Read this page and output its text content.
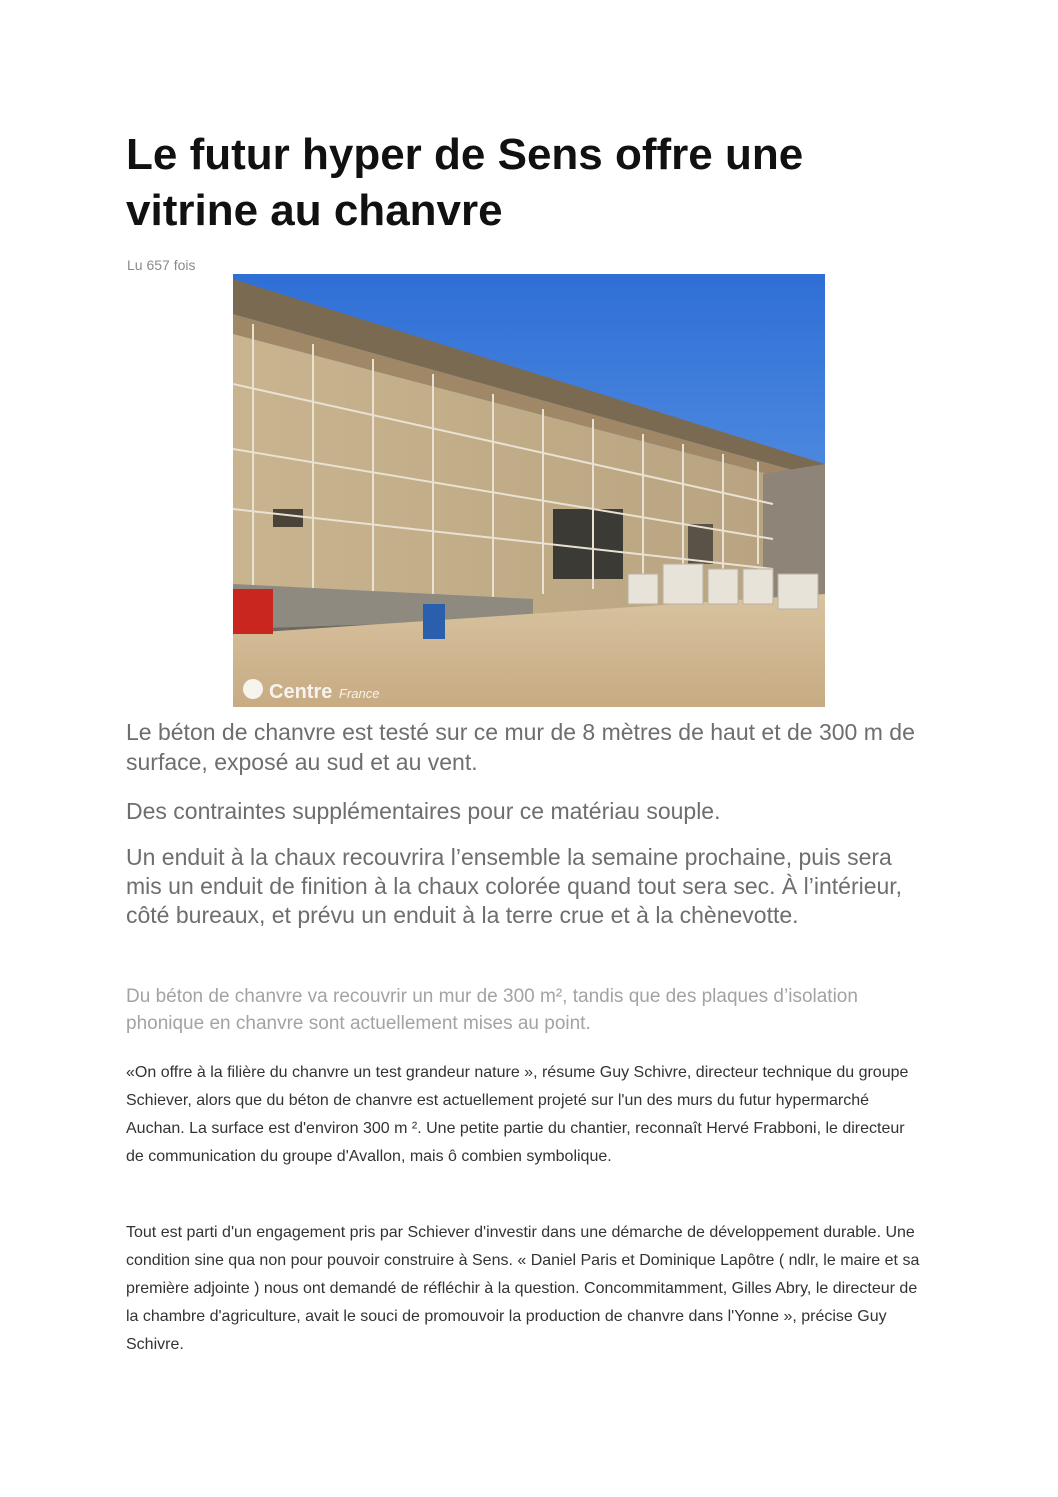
Le futur hyper de Sens offre une vitrine au chanvre
Lu 657 fois
Centre France

Le béton de chanvre est testé sur ce mur de 8 mètres de haut et de 300 m de surface, exposé au sud et au vent.

Des contraintes supplémentaires pour ce matériau souple.

Un enduit à la chaux recouvrira l’ensemble la semaine prochaine, puis sera mis un enduit de finition à la chaux colorée quand tout sera sec. À l’intérieur, côté bureaux, et prévu un enduit à la terre crue et à la chènevotte.

Du béton de chanvre va recouvrir un mur de 300 m², tandis que des plaques d’isolation phonique en chanvre sont actuellement mises au point.

«On offre à la filière du chanvre un test grandeur nature », résume Guy Schivre, directeur technique du groupe Schiever, alors que du béton de chanvre est actuellement projeté sur l'un des murs du futur hypermarché Auchan. La surface est d'environ 300 m ². Une petite partie du chantier, reconnaît Hervé Frabboni, le directeur de communication du groupe d'Avallon, mais ô combien symbolique.

Tout est parti d'un engagement pris par Schiever d'investir dans une démarche de développement durable. Une condition sine qua non pour pouvoir construire à Sens. « Daniel Paris et Dominique Lapôtre ( ndlr, le maire et sa première adjointe ) nous ont demandé de réfléchir à la question. Concommitamment, Gilles Abry, le directeur de la chambre d'agriculture, avait le souci de promouvoir la production de chanvre dans l'Yonne », précise Guy Schivre.
